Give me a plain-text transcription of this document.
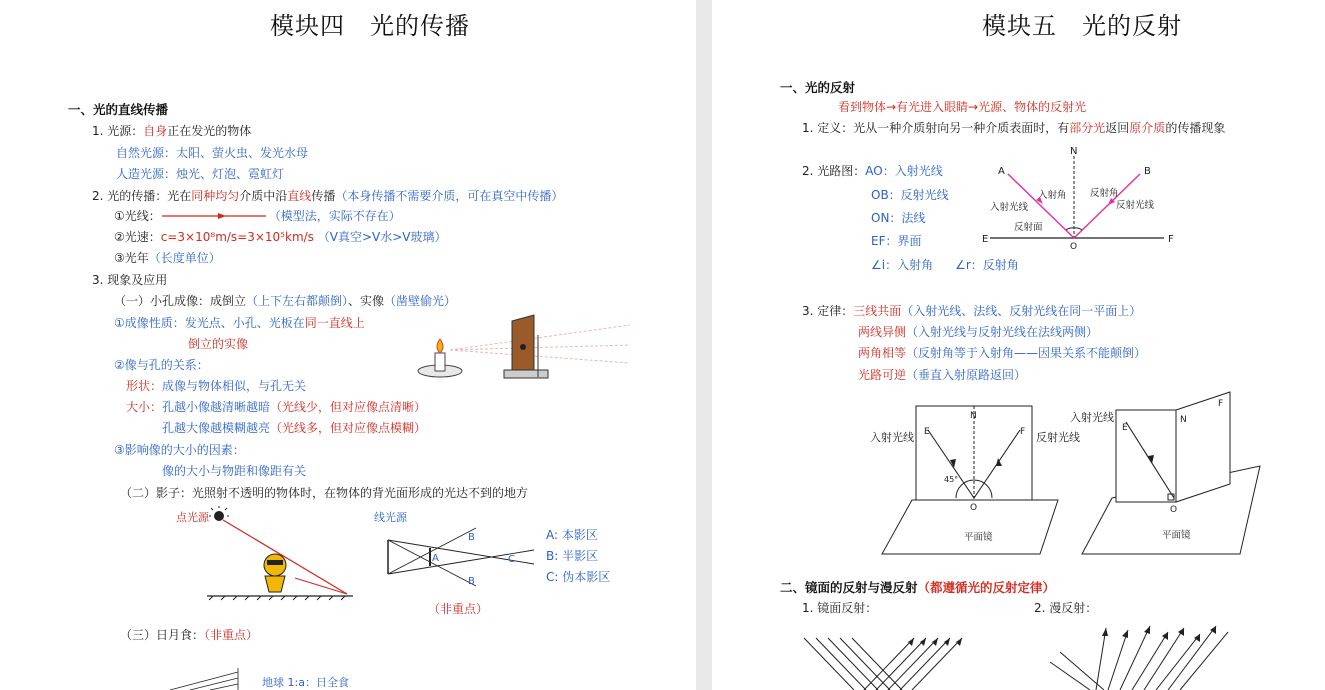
模块四　光的传播
一、光的直线传播
1. 光源：自身正在发光的物体
自然光源：太阳、萤火虫、发光水母
人造光源：烛光、灯泡、霓虹灯
2. 光的传播：光在同种均匀介质中沿直线传播（本身传播不需要介质，可在真空中传播）
①光线：	（模型法，实际不存在）
②光速：c=3×10⁸m/s=3×10⁵km/s （V真空>V水>V玻璃）
③光年（长度单位）
3. 现象及应用
（一）小孔成像：成倒立（上下左右都颠倒）、实像（凿壁偷光）
①成像性质：发光点、小孔、光板在同一直线上
倒立的实像
②像与孔的关系：
形状：成像与物体相似，与孔无关
大小：孔越小像越清晰越暗（光线少，但对应像点清晰）
孔越大像越模糊越亮（光线多，但对应像点模糊）
③影响像的大小的因素：
像的大小与物距和像距有关
（二）影子：光照射不透明的物体时，在物体的背光面形成的光达不到的地方
点光源	线光源
A
B
B
C
A: 本影区
B: 半影区
C: 伪本影区
（非重点）
（三）日月食：（非重点）
地球 1:a：日全食
模块五　光的反射
一、光的反射
看到物体→有光进入眼睛→光源、物体的反射光
1. 定义：光从一种介质射向另一种介质表面时，有部分光返回原介质的传播现象
2. 光路图：AO：入射光线
OB：反射光线
ON：法线
EF：界面
∠i：入射角 ∠r：反射角
A	B
N
E	F
O
入射光线	反射光线
入射角 反射角
反射面
3. 定律：三线共面（入射光线、法线、反射光线在同一平面上）
两线异侧（入射光线与反射光线在法线两侧）
两角相等（反射角等于入射角——因果关系不能颠倒）
光路可逆（垂直入射原路返回）
45°
E	F
N
O
平面镜
入射光线	反射光线
E
N
F
O
平面镜
入射光线
二、镜面的反射与漫反射（都遵循光的反射定律）
1. 镜面反射：	2. 漫反射：
